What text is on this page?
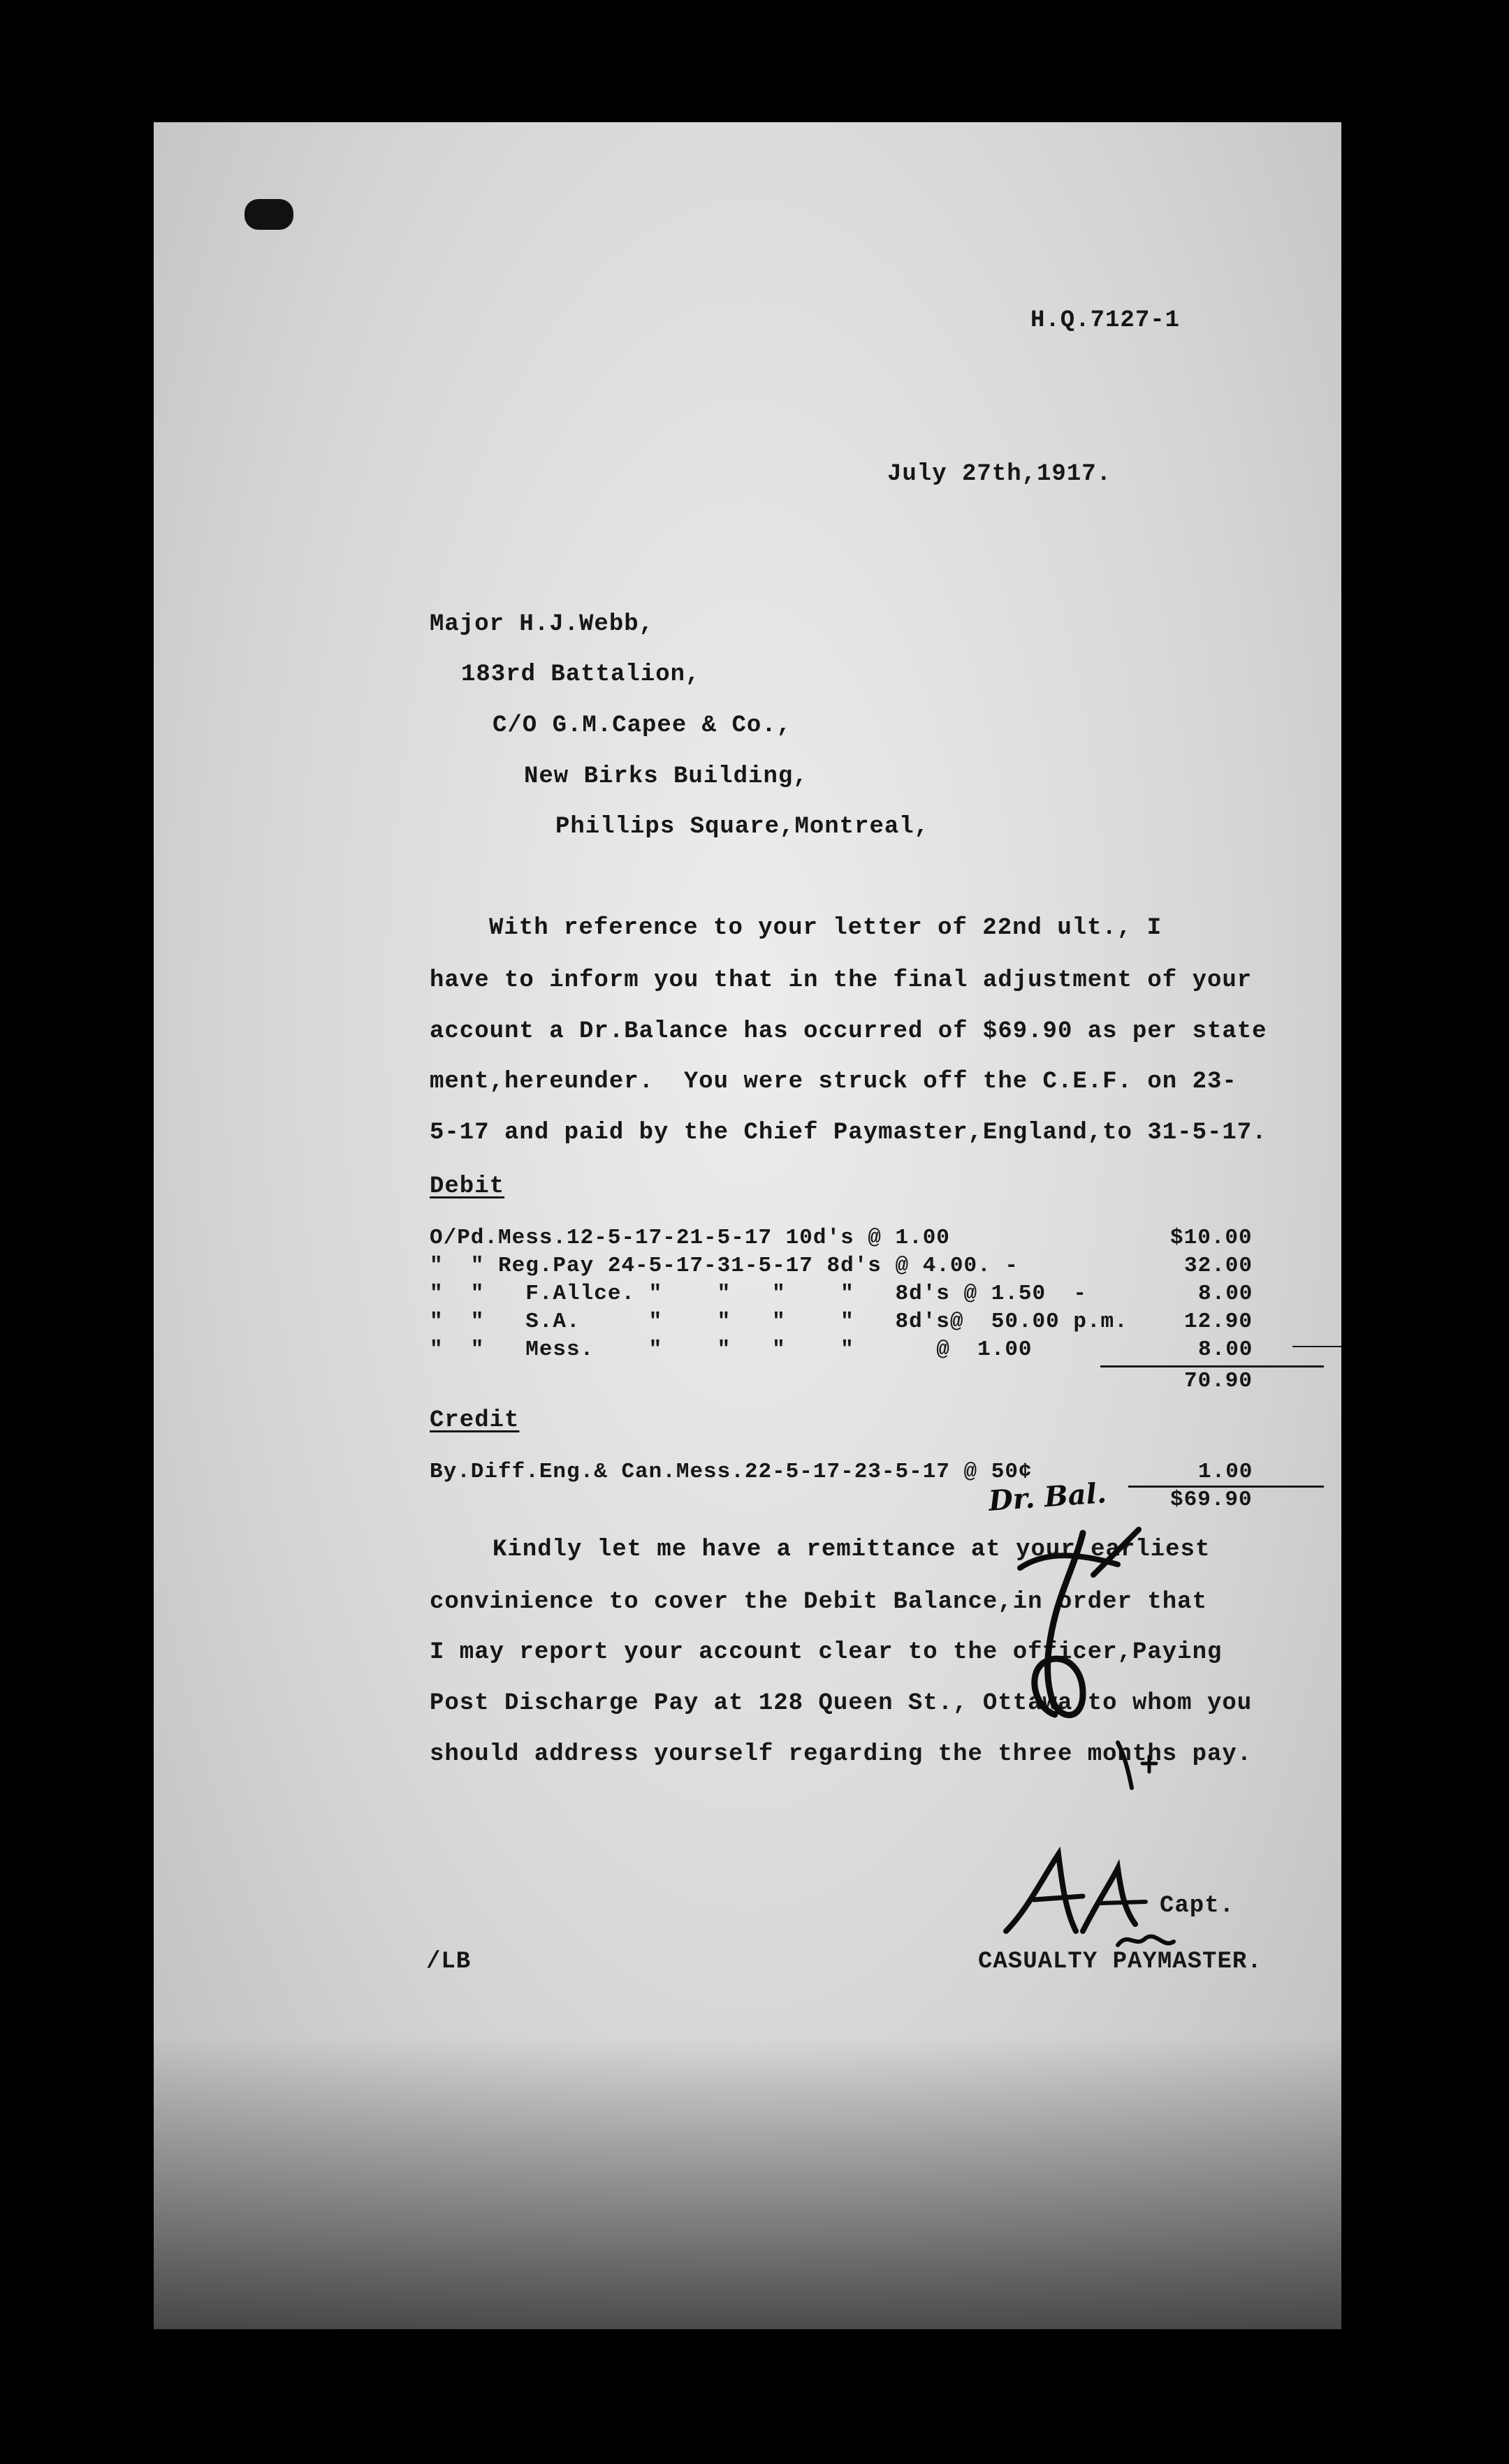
H.Q.7127-1
July 27th,1917.
Major H.J.Webb,
183rd Battalion,
C/O G.M.Capee & Co.,
New Birks Building,
Phillips Square,Montreal,
With reference to your letter of 22nd ult., I
have to inform you that in the final adjustment of your
account a Dr.Balance has occurred of $69.90 as per state
ment,hereunder.  You were struck off the C.E.F. on 23-
5-17 and paid by the Chief Paymaster,England,to 31-5-17.
Debit
O/Pd.Mess.12-5-17-21-5-17 10d's @ 1.00	$10.00
"  " Reg.Pay 24-5-17-31-5-17 8d's @ 4.00. -	32.00
"  "   F.Allce. "    "   "    "   8d's @ 1.50  -	8.00
"  "   S.A.     "    "   "    "   8d's@  50.00 p.m.	12.90
"  "   Mess.    "    "   "    "      @  1.00	8.00
70.90
Credit
By.Diff.Eng.& Can.Mess.22-5-17-23-5-17 @ 50¢	1.00
Dr. Bal.	$69.90
Kindly let me have a remittance at your earliest
convinience to cover the Debit Balance,in order that
I may report your account clear to the officer,Paying
Post Discharge Pay at 128 Queen St., Ottawa,to whom you
should address yourself regarding the three months pay.
Capt.
CASUALTY PAYMASTER.
/LB
